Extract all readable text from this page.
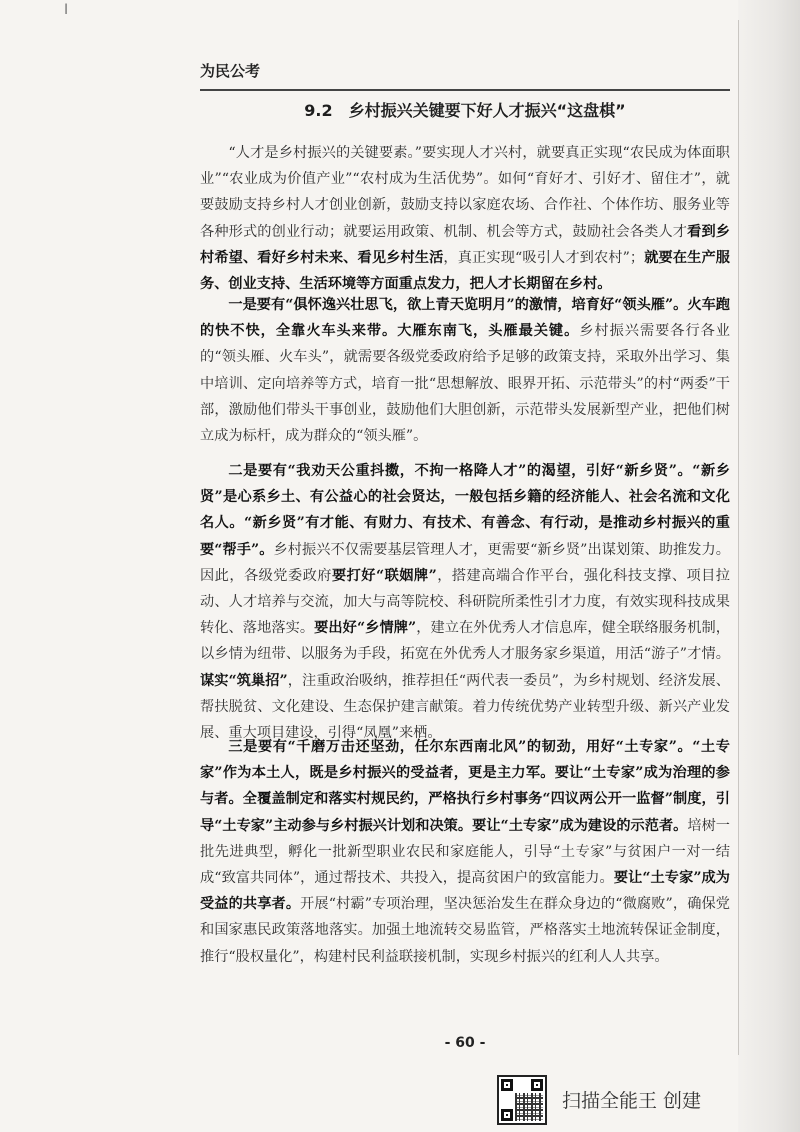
I
为民公考
9.2　乡村振兴关键要下好人才振兴“这盘棋”
“人才是乡村振兴的关键要素。”要实现人才兴村，就要真正实现“农民成为体面职业”“农业成为价值产业”“农村成为生活优势”。如何“育好才、引好才、留住才”，就要鼓励支持乡村人才创业创新，鼓励支持以家庭农场、合作社、个体作坊、服务业等各种形式的创业行动；就要运用政策、机制、机会等方式，鼓励社会各类人才看到乡村希望、看好乡村未来、看见乡村生活，真正实现“吸引人才到农村”；就要在生产服务、创业支持、生活环境等方面重点发力，把人才长期留在乡村。
一是要有“俱怀逸兴壮思飞，欲上青天览明月”的激情，培育好“领头雁”。火车跑的快不快，全靠火车头来带。大雁东南飞，头雁最关键。乡村振兴需要各行各业的“领头雁、火车头”，就需要各级党委政府给予足够的政策支持，采取外出学习、集中培训、定向培养等方式，培育一批“思想解放、眼界开拓、示范带头”的村“两委”干部，激励他们带头干事创业，鼓励他们大胆创新，示范带头发展新型产业，把他们树立成为标杆，成为群众的“领头雁”。
二是要有“我劝天公重抖擞，不拘一格降人才”的渴望，引好“新乡贤”。“新乡贤”是心系乡土、有公益心的社会贤达，一般包括乡籍的经济能人、社会名流和文化名人。“新乡贤”有才能、有财力、有技术、有善念、有行动，是推动乡村振兴的重要“帮手”。乡村振兴不仅需要基层管理人才，更需要“新乡贤”出谋划策、助推发力。因此，各级党委政府要打好“联姻牌”，搭建高端合作平台，强化科技支撑、项目拉动、人才培养与交流，加大与高等院校、科研院所柔性引才力度，有效实现科技成果转化、落地落实。要出好“乡情牌”，建立在外优秀人才信息库，健全联络服务机制，以乡情为纽带、以服务为手段，拓宽在外优秀人才服务家乡渠道，用活“游子”才情。谋实“筑巢招”，注重政治吸纳，推荐担任“两代表一委员”，为乡村规划、经济发展、帮扶脱贫、文化建设、生态保护建言献策。着力传统优势产业转型升级、新兴产业发展、重大项目建设，引得“凤凰”来栖。
三是要有“千磨万击还坚劲，任尔东西南北风”的韧劲，用好“土专家”。“土专家”作为本土人，既是乡村振兴的受益者，更是主力军。要让“土专家”成为治理的参与者。全覆盖制定和落实村规民约，严格执行乡村事务“四议两公开一监督”制度，引导“土专家”主动参与乡村振兴计划和决策。要让“土专家”成为建设的示范者。培树一批先进典型，孵化一批新型职业农民和家庭能人，引导“土专家”与贫困户一对一结成“致富共同体”，通过帮技术、共投入，提高贫困户的致富能力。要让“土专家”成为受益的共享者。开展“村霸”专项治理，坚决惩治发生在群众身边的“微腐败”，确保党和国家惠民政策落地落实。加强土地流转交易监管，严格落实土地流转保证金制度，推行“股权量化”，构建村民利益联接机制，实现乡村振兴的红利人人共享。
- 60 -
扫描全能王 创建
